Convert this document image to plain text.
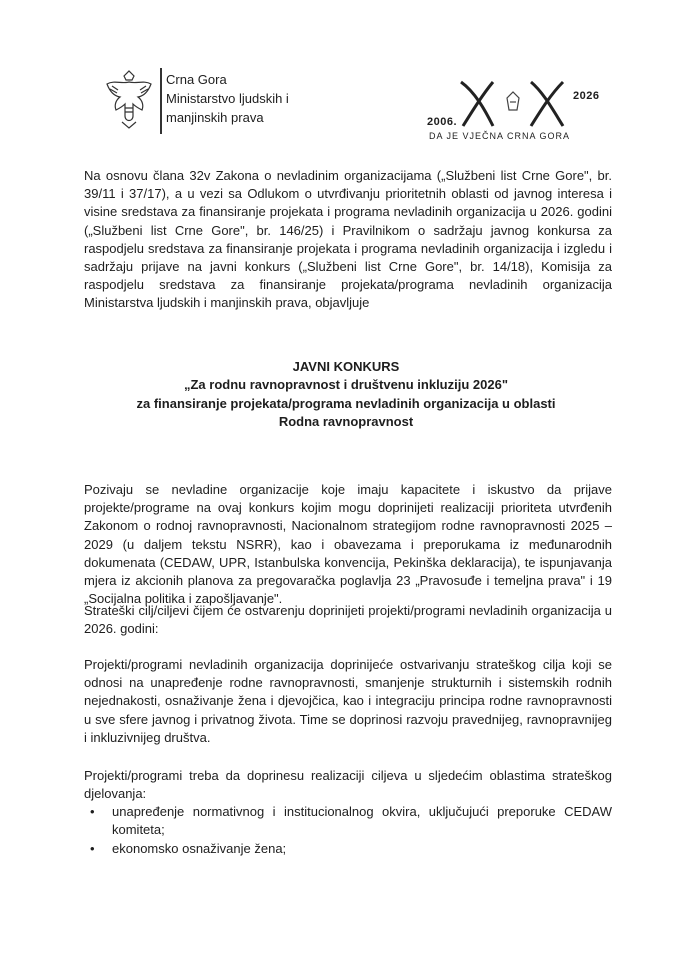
Crna Gora
Ministarstvo ljudskih i
manjinskih prava	2006.
2026
DA JE VJEČNA CRNA GORA
Na osnovu člana 32v Zakona o nevladinim organizacijama („Službeni list Crne Gore", br. 39/11 i 37/17), a u vezi sa Odlukom o utvrđivanju prioritetnih oblasti od javnog interesa i visine sredstava za finansiranje projekata i programa nevladinih organizacija u 2026. godini („Službeni list Crne Gore", br. 146/25) i Pravilnikom o sadržaju javnog konkursa za raspodjelu sredstava za finansiranje projekata i programa nevladinih organizacija i izgledu i sadržaju prijave na javni konkurs („Službeni list Crne Gore", br. 14/18), Komisija za raspodjelu sredstava za finansiranje projekata/programa nevladinih organizacija Ministarstva ljudskih i manjinskih prava, objavljuje
JAVNI KONKURS
„Za rodnu ravnopravnost i društvenu inkluziju 2026"
za finansiranje projekata/programa nevladinih organizacija u oblasti
Rodna ravnopravnost
Pozivaju se nevladine organizacije koje imaju kapacitete i iskustvo da prijave projekte/programe na ovaj konkurs kojim mogu doprinijeti realizaciji prioriteta utvrđenih Zakonom o rodnoj ravnopravnosti, Nacionalnom strategijom rodne ravnopravnosti 2025 – 2029 (u daljem tekstu NSRR), kao i obavezama i preporukama iz međunarodnih dokumenata (CEDAW, UPR, Istanbulska konvencija, Pekinška deklaracija), te ispunjavanja mjera iz akcionih planova za pregovaračka poglavlja 23 „Pravosuđe i temeljna prava" i 19 „Socijalna politika i zapošljavanje".
Strateški cilj/ciljevi čijem će ostvarenju doprinijeti projekti/programi nevladinih organizacija u 2026. godini:
Projekti/programi nevladinih organizacija doprinijeće ostvarivanju strateškog cilja koji se odnosi na unapređenje rodne ravnopravnosti, smanjenje strukturnih i sistemskih rodnih nejednakosti, osnaživanje žena i djevojčica, kao i integraciju principa rodne ravnopravnosti u sve sfere javnog i privatnog života. Time se doprinosi razvoju pravednijeg, ravnopravnijeg i inkluzivnijeg društva.
Projekti/programi treba da doprinesu realizaciji ciljeva u sljedećim oblastima strateškog djelovanja:
• unapređenje normativnog i institucionalnog okvira, uključujući preporuke CEDAW komiteta;
• ekonomsko osnaživanje žena;
